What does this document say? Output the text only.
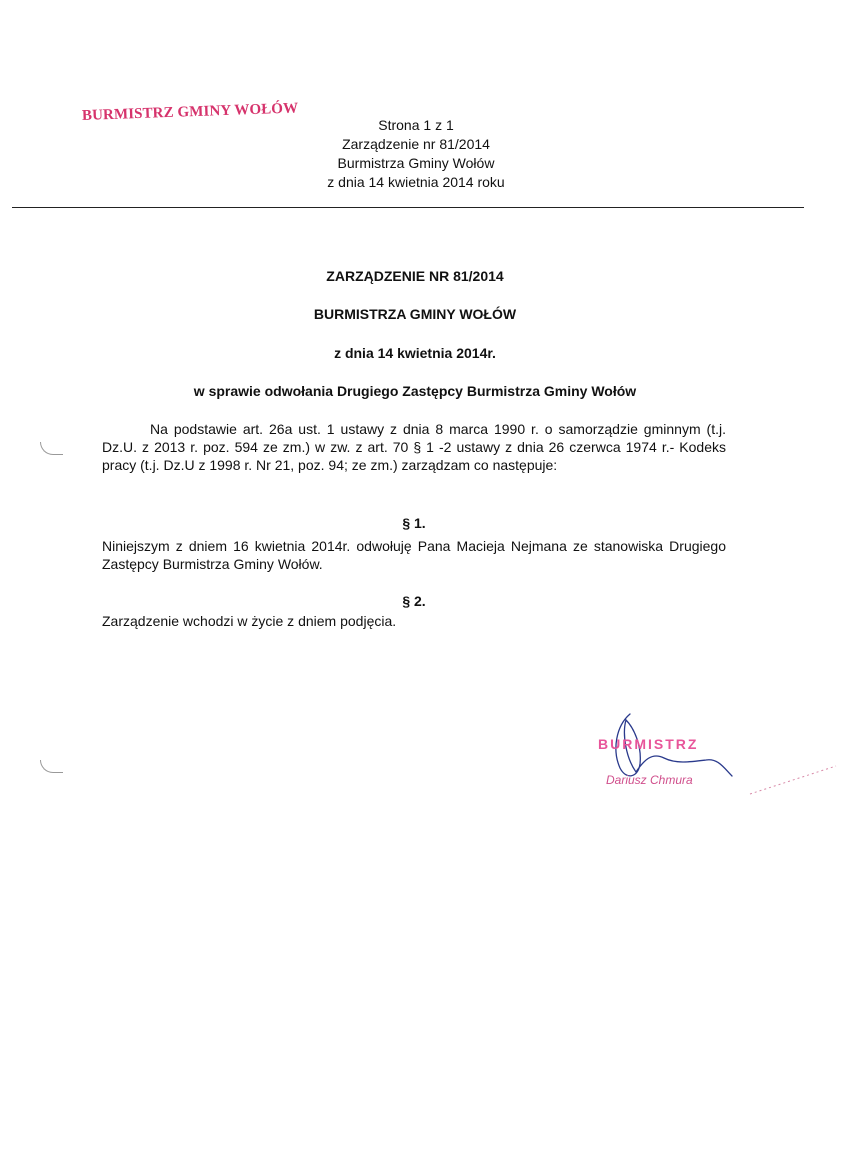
BURMISTRZ GMINY WOŁÓW
Strona 1 z 1
Zarządzenie nr 81/2014
Burmistrza Gminy Wołów
z dnia 14 kwietnia 2014 roku
ZARZĄDZENIE NR 81/2014
BURMISTRZA GMINY WOŁÓW
z dnia 14 kwietnia 2014r.
w sprawie odwołania Drugiego Zastępcy Burmistrza Gminy Wołów
Na podstawie art. 26a ust. 1 ustawy z dnia 8 marca 1990 r. o samorządzie gminnym (t.j. Dz.U. z 2013 r. poz. 594 ze zm.) w zw. z art. 70 § 1 -2 ustawy z dnia 26 czerwca 1974 r.- Kodeks pracy (t.j. Dz.U z 1998 r. Nr 21, poz. 94; ze zm.) zarządzam co następuje:
§ 1.
Niniejszym z dniem 16 kwietnia 2014r. odwołuję Pana Macieja Nejmana ze stanowiska Drugiego Zastępcy Burmistrza Gminy Wołów.
§ 2.
Zarządzenie wchodzi w życie z dniem podjęcia.
BURMISTRZ
Dariusz Chmura
